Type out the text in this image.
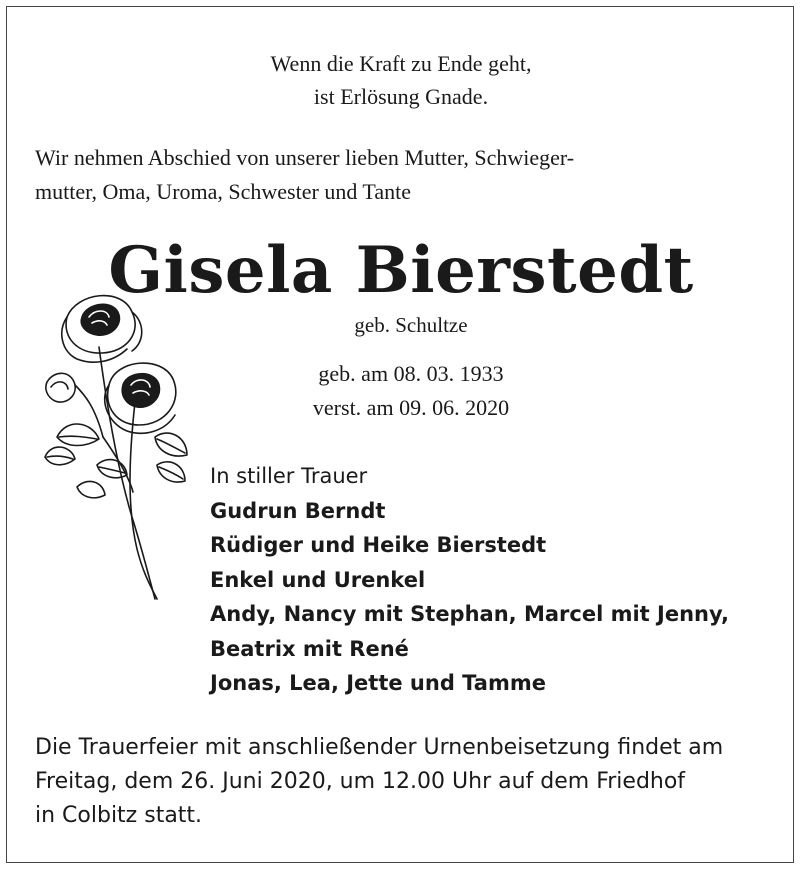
Wenn die Kraft zu Ende geht,
ist Erlösung Gnade.
Wir nehmen Abschied von unserer lieben Mutter, Schwieger-
mutter, Oma, Uroma, Schwester und Tante
Gisela Bierstedt
geb. Schultze
geb. am 08. 03. 1933
verst. am 09. 06. 2020
In stiller Trauer
Gudrun Berndt
Rüdiger und Heike Bierstedt
Enkel und Urenkel
Andy, Nancy mit Stephan, Marcel mit Jenny,
Beatrix mit René
Jonas, Lea, Jette und Tamme
Die Trauerfeier mit anschließender Urnenbeisetzung findet am
Freitag, dem 26. Juni 2020, um 12.00 Uhr auf dem Friedhof
in Colbitz statt.
